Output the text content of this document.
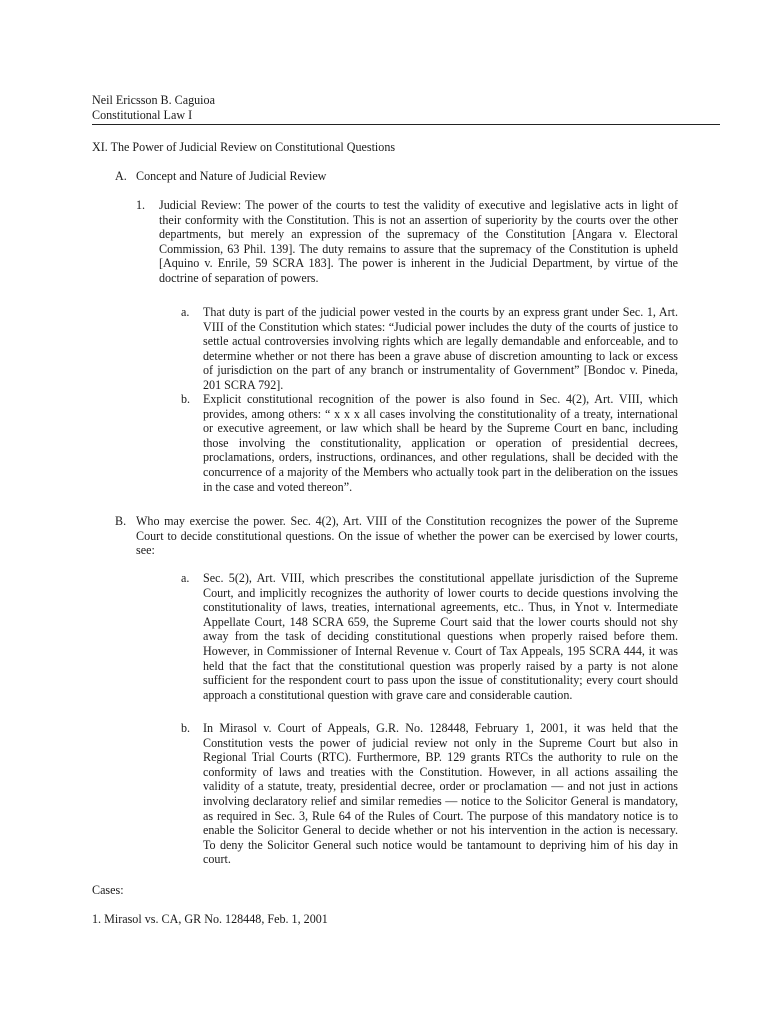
Neil Ericsson B. Caguioa
Constitutional Law I
XI. The Power of Judicial Review on Constitutional Questions
A. Concept and Nature of Judicial Review
1. Judicial Review: The power of the courts to test the validity of executive and legislative acts in light of their conformity with the Constitution. This is not an assertion of superiority by the courts over the other departments, but merely an expression of the supremacy of the Constitution [Angara v. Electoral Commission, 63 Phil. 139]. The duty remains to assure that the supremacy of the Constitution is upheld [Aquino v. Enrile, 59 SCRA 183]. The power is inherent in the Judicial Department, by virtue of the doctrine of separation of powers.
a. That duty is part of the judicial power vested in the courts by an express grant under Sec. 1, Art. VIII of the Constitution which states: “Judicial power includes the duty of the courts of justice to settle actual controversies involving rights which are legally demandable and enforceable, and to determine whether or not there has been a grave abuse of discretion amounting to lack or excess of jurisdiction on the part of any branch or instrumentality of Government” [Bondoc v. Pineda, 201 SCRA 792].
b. Explicit constitutional recognition of the power is also found in Sec. 4(2), Art. VIII, which provides, among others: “ x x x all cases involving the constitutionality of a treaty, international or executive agreement, or law which shall be heard by the Supreme Court en banc, including those involving the constitutionality, application or operation of presidential decrees, proclamations, orders, instructions, ordinances, and other regulations, shall be decided with the concurrence of a majority of the Members who actually took part in the deliberation on the issues in the case and voted thereon”.
B. Who may exercise the power. Sec. 4(2), Art. VIII of the Constitution recognizes the power of the Supreme Court to decide constitutional questions. On the issue of whether the power can be exercised by lower courts, see:
a. Sec. 5(2), Art. VIII, which prescribes the constitutional appellate jurisdiction of the Supreme Court, and implicitly recognizes the authority of lower courts to decide questions involving the constitutionality of laws, treaties, international agreements, etc.. Thus, in Ynot v. Intermediate Appellate Court, 148 SCRA 659, the Supreme Court said that the lower courts should not shy away from the task of deciding constitutional questions when properly raised before them. However, in Commissioner of Internal Revenue v. Court of Tax Appeals, 195 SCRA 444, it was held that the fact that the constitutional question was properly raised by a party is not alone sufficient for the respondent court to pass upon the issue of constitutionality; every court should approach a constitutional question with grave care and considerable caution.
b. In Mirasol v. Court of Appeals, G.R. No. 128448, February 1, 2001, it was held that the Constitution vests the power of judicial review not only in the Supreme Court but also in Regional Trial Courts (RTC). Furthermore, BP. 129 grants RTCs the authority to rule on the conformity of laws and treaties with the Constitution. However, in all actions assailing the validity of a statute, treaty, presidential decree, order or proclamation — and not just in actions involving declaratory relief and similar remedies — notice to the Solicitor General is mandatory, as required in Sec. 3, Rule 64 of the Rules of Court. The purpose of this mandatory notice is to enable the Solicitor General to decide whether or not his intervention in the action is necessary. To deny the Solicitor General such notice would be tantamount to depriving him of his day in court.
Cases:
1. Mirasol vs. CA, GR No. 128448, Feb. 1, 2001
